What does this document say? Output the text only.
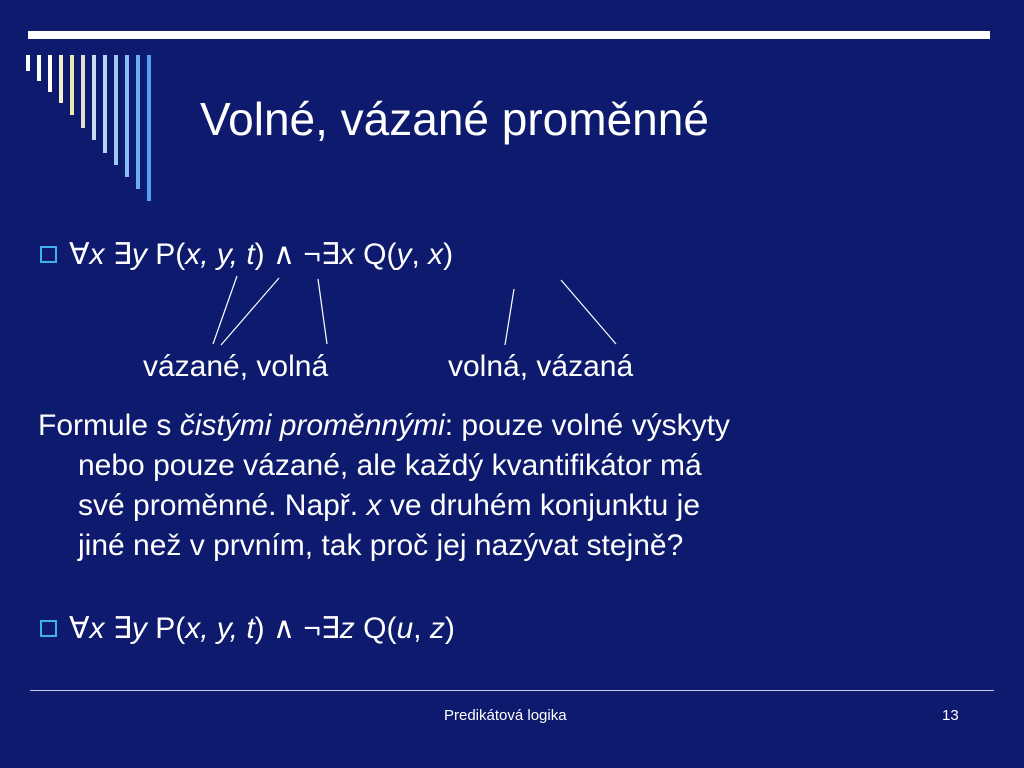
Volné, vázané proměnné
∀x ∃y P(x, y, t) ∧ ¬∃x Q(y, x)
vázané, volná	volná, vázaná
Formule s čistými proměnnými: pouze volné výskyty
nebo pouze vázané, ale každý kvantifikátor má
své proměnné. Např. x ve druhém konjunktu je
jiné než v prvním, tak proč jej nazývat stejně?
∀x ∃y P(x, y, t) ∧ ¬∃z Q(u, z)
Predikátová logika	13
